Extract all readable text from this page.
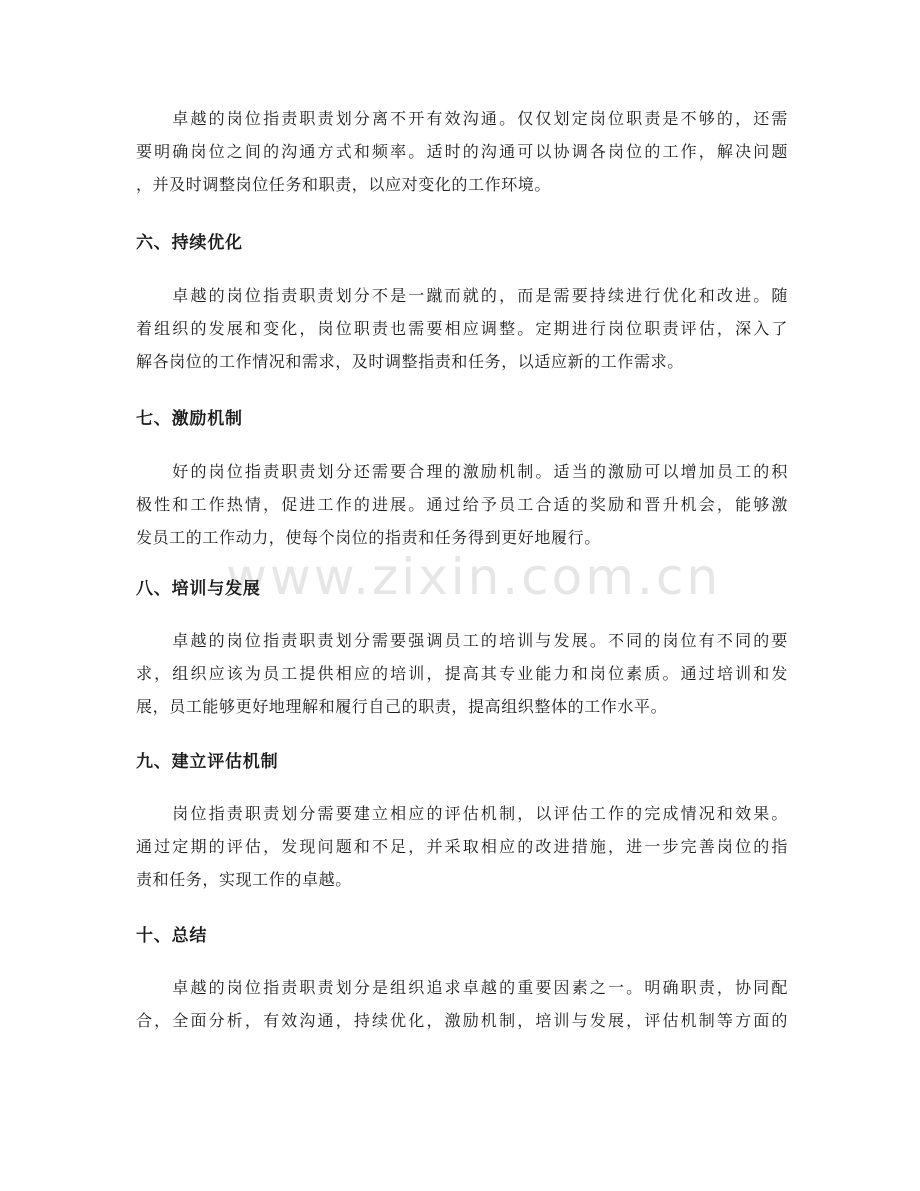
　　卓越的岗位指责职责划分离不开有效沟通。仅仅划定岗位职责是不够的，还需
要明确岗位之间的沟通方式和频率。适时的沟通可以协调各岗位的工作，解决问题
，并及时调整岗位任务和职责，以应对变化的工作环境。
六、持续优化
　　卓越的岗位指责职责划分不是一蹴而就的，而是需要持续进行优化和改进。随
着组织的发展和变化，岗位职责也需要相应调整。定期进行岗位职责评估，深入了
解各岗位的工作情况和需求，及时调整指责和任务，以适应新的工作需求。
七、激励机制
　　好的岗位指责职责划分还需要合理的激励机制。适当的激励可以增加员工的积
极性和工作热情，促进工作的进展。通过给予员工合适的奖励和晋升机会，能够激
发员工的工作动力，使每个岗位的指责和任务得到更好地履行。
www.zixin.com.cn
八、培训与发展
　　卓越的岗位指责职责划分需要强调员工的培训与发展。不同的岗位有不同的要
求，组织应该为员工提供相应的培训，提高其专业能力和岗位素质。通过培训和发
展，员工能够更好地理解和履行自己的职责，提高组织整体的工作水平。
九、建立评估机制
　　岗位指责职责划分需要建立相应的评估机制，以评估工作的完成情况和效果。
通过定期的评估，发现问题和不足，并采取相应的改进措施，进一步完善岗位的指
责和任务，实现工作的卓越。
十、总结
　　卓越的岗位指责职责划分是组织追求卓越的重要因素之一。明确职责，协同配
合，全面分析，有效沟通，持续优化，激励机制，培训与发展，评估机制等方面的
